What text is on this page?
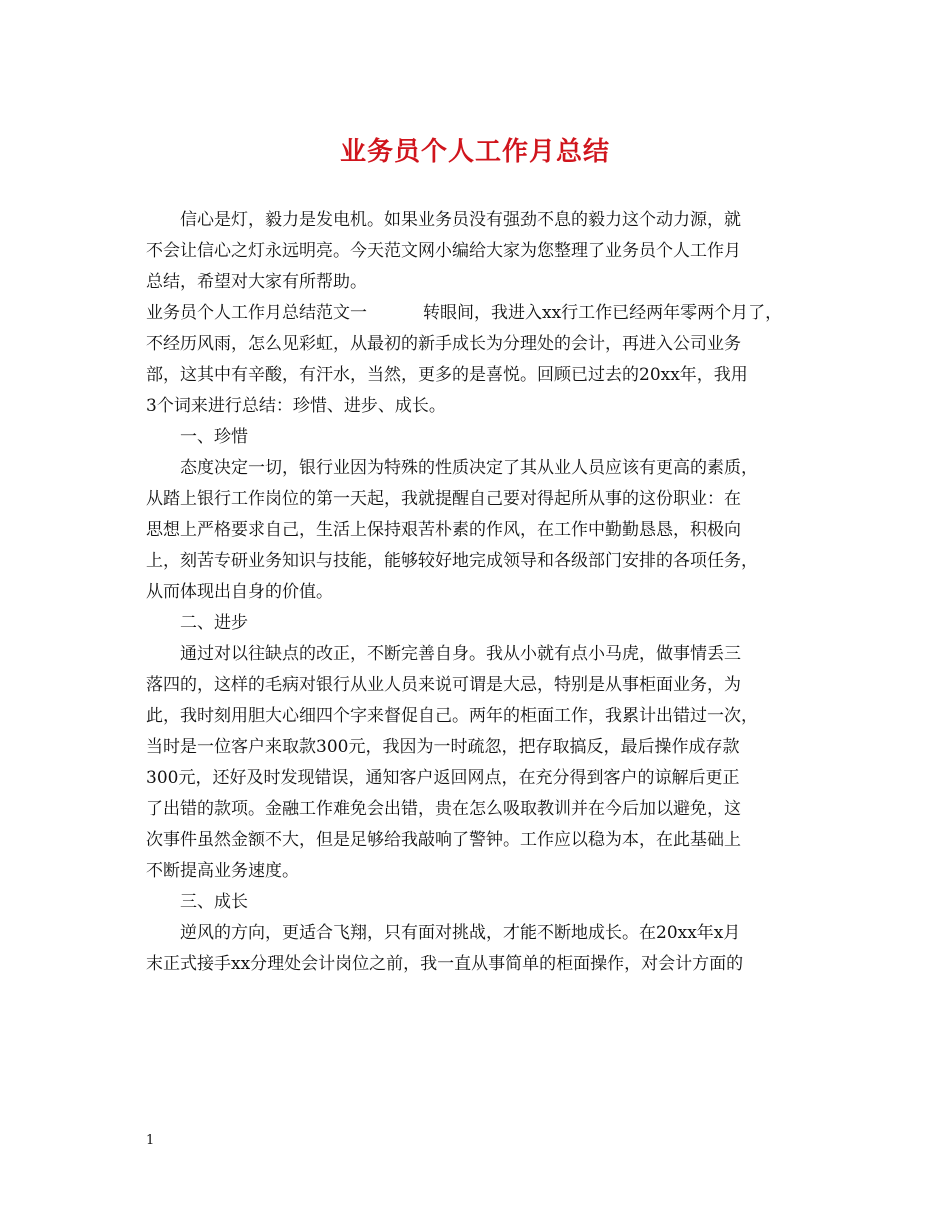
业务员个人工作月总结
信心是灯，毅力是发电机。如果业务员没有强劲不息的毅力这个动力源，就
不会让信心之灯永远明亮。今天范文网小编给大家为您整理了业务员个人工作月
总结，希望对大家有所帮助。
业务员个人工作月总结范文一	转眼间，我进入xx行工作已经两年零两个月了，
不经历风雨，怎么见彩虹，从最初的新手成长为分理处的会计，再进入公司业务
部，这其中有辛酸，有汗水，当然，更多的是喜悦。回顾已过去的20xx年，我用
3个词来进行总结：珍惜、进步、成长。
一、珍惜
态度决定一切，银行业因为特殊的性质决定了其从业人员应该有更高的素质，
从踏上银行工作岗位的第一天起，我就提醒自己要对得起所从事的这份职业：在
思想上严格要求自己，生活上保持艰苦朴素的作风，在工作中勤勤恳恳，积极向
上，刻苦专研业务知识与技能，能够较好地完成领导和各级部门安排的各项任务，
从而体现出自身的价值。
二、进步
通过对以往缺点的改正，不断完善自身。我从小就有点小马虎，做事情丢三
落四的，这样的毛病对银行从业人员来说可谓是大忌，特别是从事柜面业务，为
此，我时刻用胆大心细四个字来督促自己。两年的柜面工作，我累计出错过一次，
当时是一位客户来取款300元，我因为一时疏忽，把存取搞反，最后操作成存款
300元，还好及时发现错误，通知客户返回网点，在充分得到客户的谅解后更正
了出错的款项。金融工作难免会出错，贵在怎么吸取教训并在今后加以避免，这
次事件虽然金额不大，但是足够给我敲响了警钟。工作应以稳为本，在此基础上
不断提高业务速度。
三、成长
逆风的方向，更适合飞翔，只有面对挑战，才能不断地成长。在20xx年x月
末正式接手xx分理处会计岗位之前，我一直从事简单的柜面操作，对会计方面的
1
